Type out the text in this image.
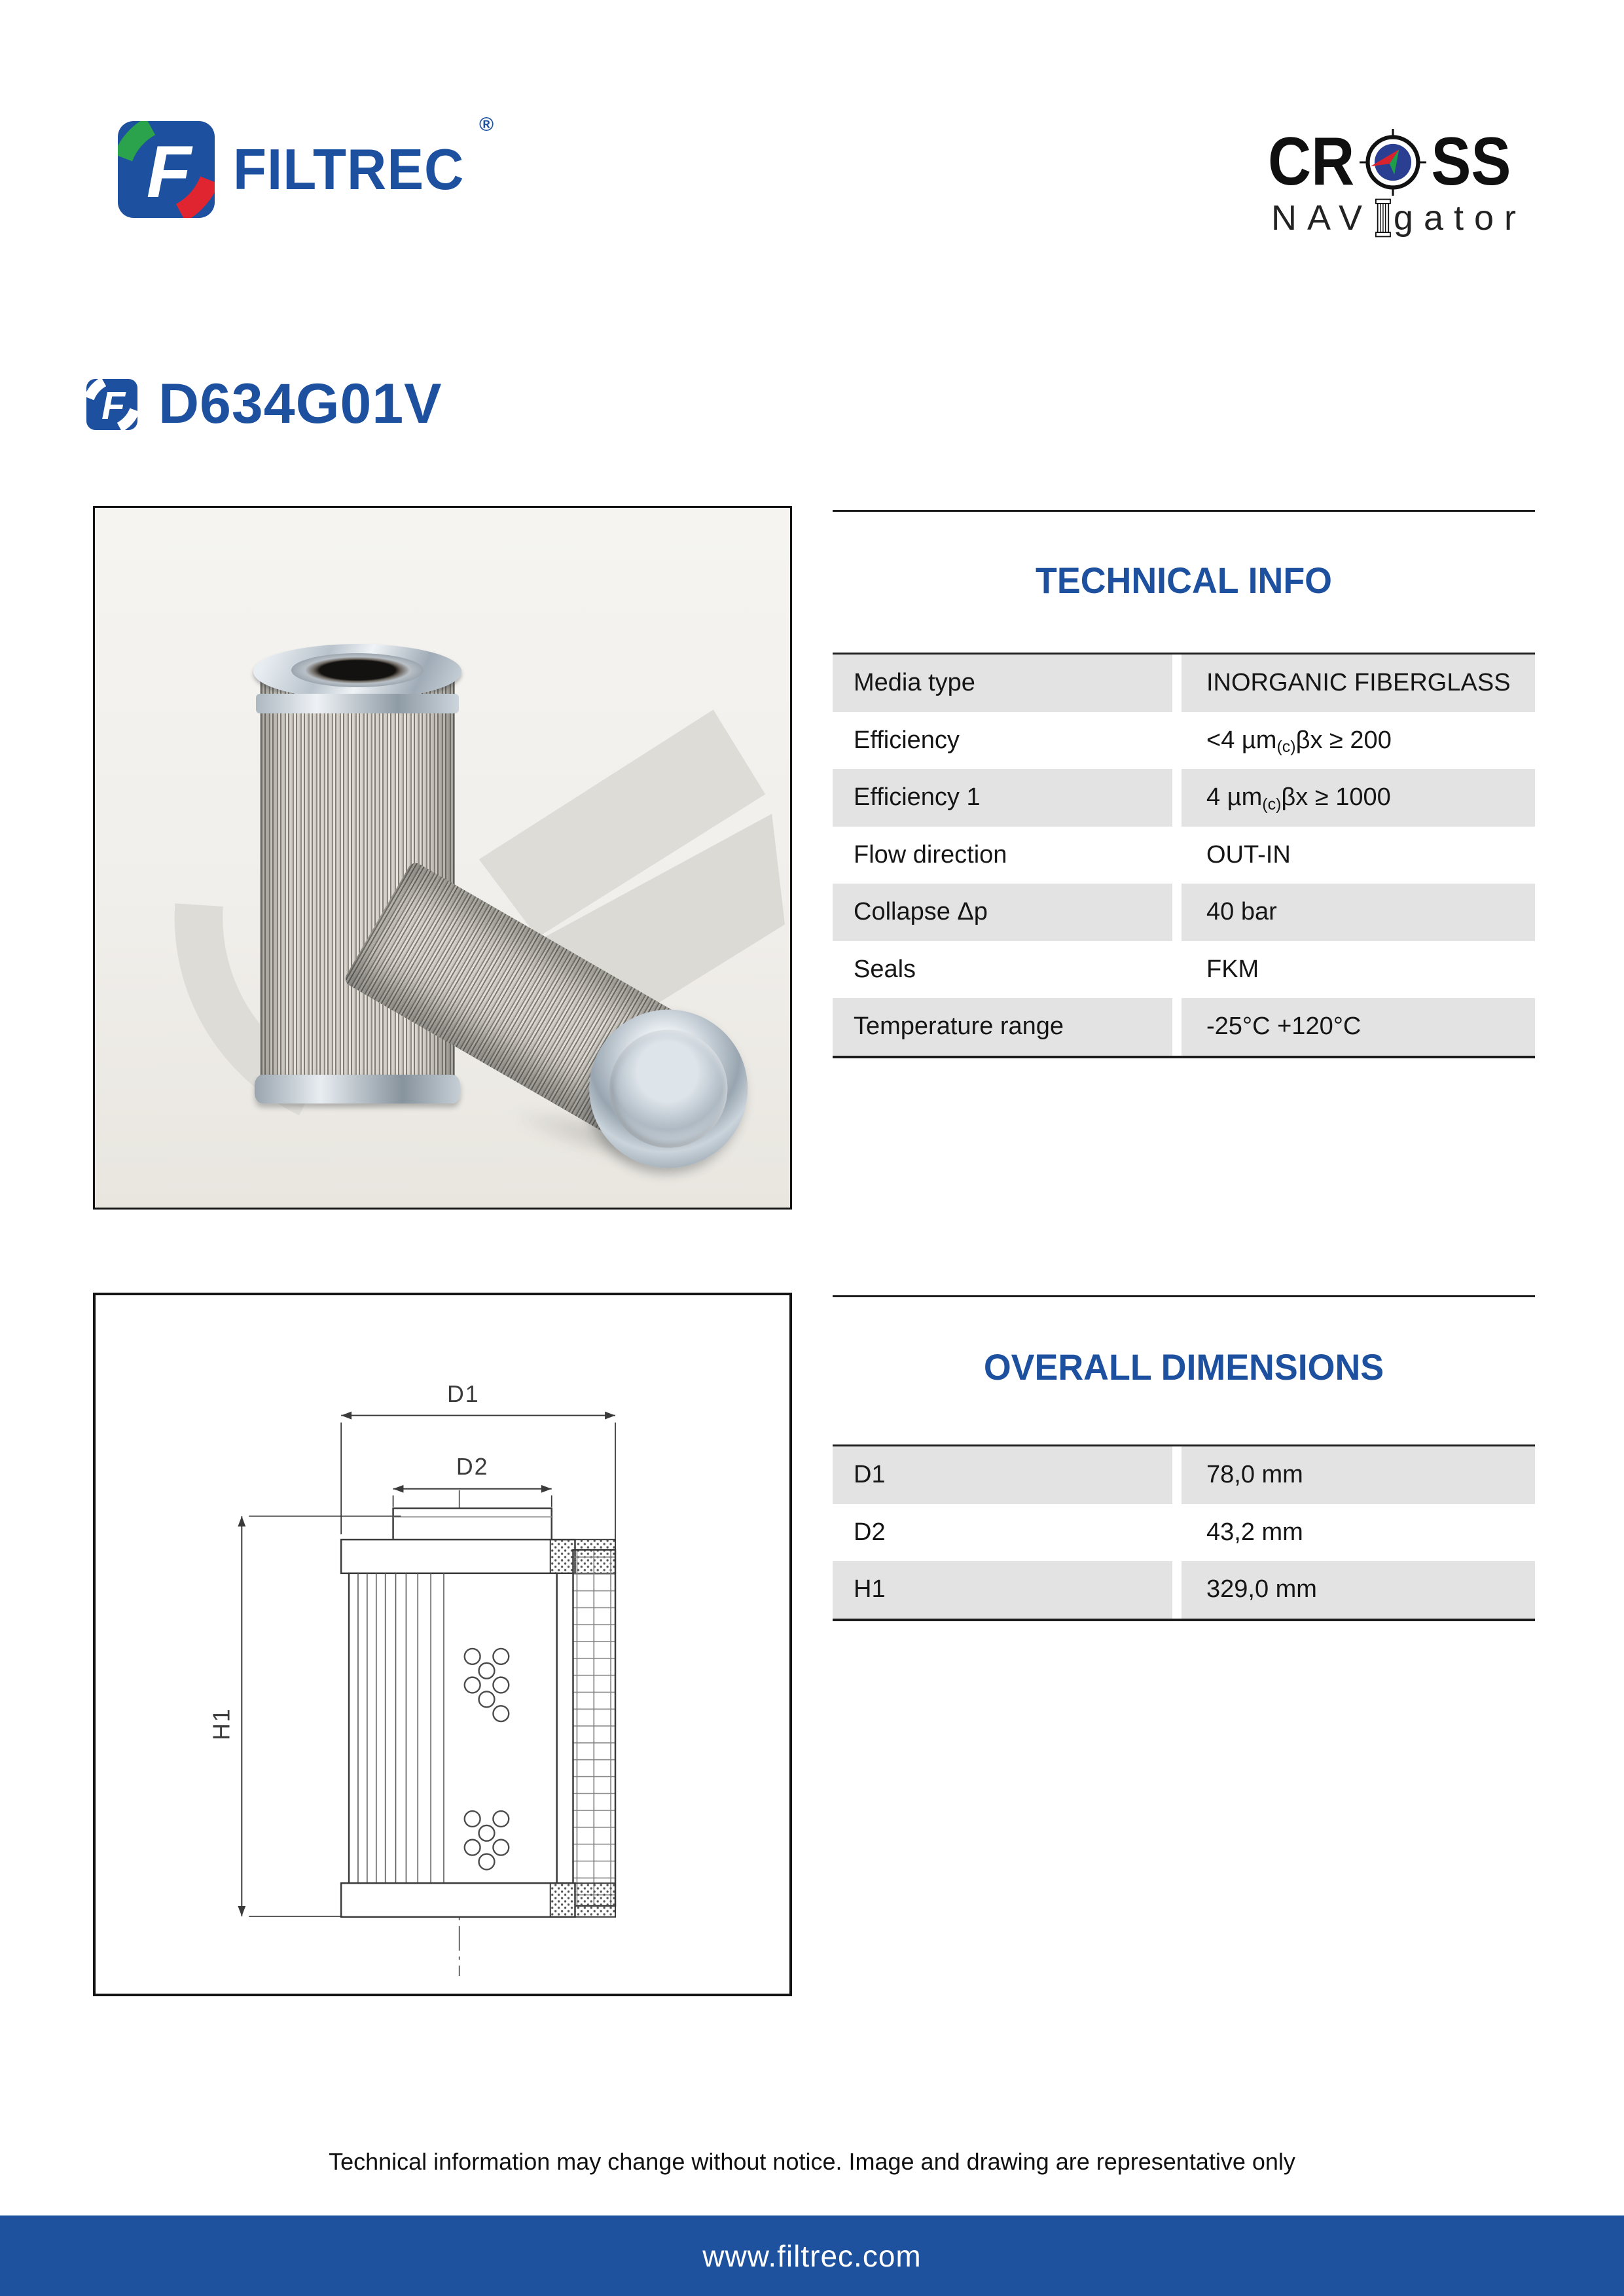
F FILTREC®	CR SS
NAV gator
F D634G01V
D1
D2
H1
TECHNICAL INFO
Media type	INORGANIC FIBERGLASS
Efficiency	<4 µm$_{(c)}$ βx ≥ 200
Efficiency 1	4 µm$_{(c)}$ βx ≥ 1000
Flow direction	OUT-IN
Collapse Δp	40 bar
Seals	FKM
Temperature range	-25°C +120°C
OVERALL DIMENSIONS
D1	78,0 mm
D2	43,2 mm
H1	329,0 mm
Technical information may change without notice. Image and drawing are representative only
www.filtrec.com
